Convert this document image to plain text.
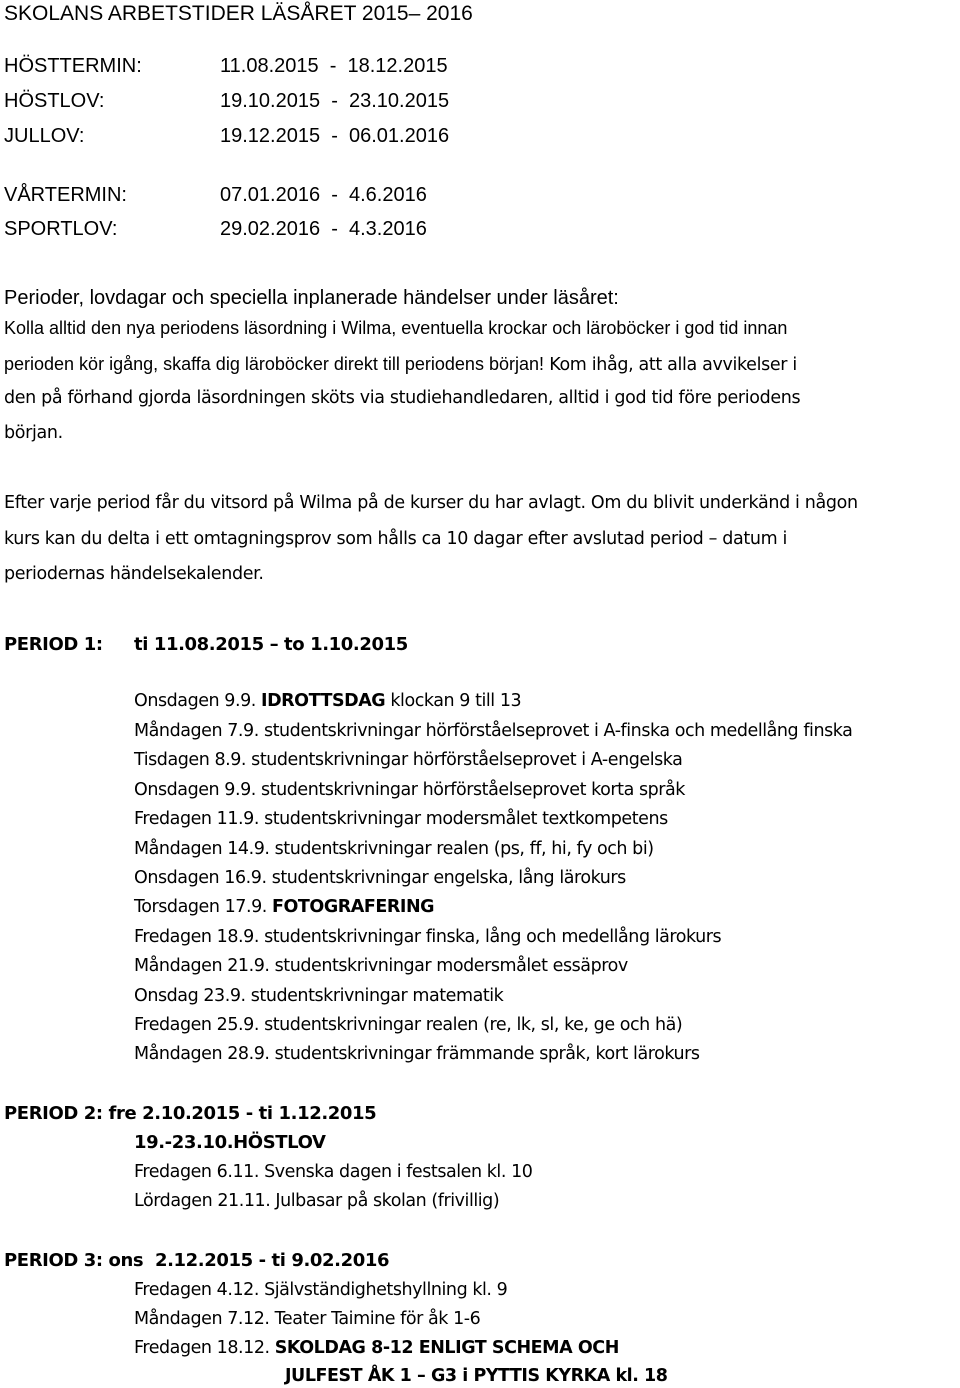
SKOLANS ARBETSTIDER LÄSÅRET 2015– 2016
HÖSTTERMIN:	11.08.2015  -  18.12.2015
HÖSTLOV:	19.10.2015  -  23.10.2015
JULLOV:	19.12.2015  -  06.01.2016
VÅRTERMIN:	07.01.2016  -  4.6.2016
SPORTLOV:	29.02.2016  -  4.3.2016
Perioder, lovdagar och speciella inplanerade händelser under läsåret:
Kolla alltid den nya periodens läsordning i Wilma, eventuella krockar och läroböcker i god tid innan
perioden kör igång, skaffa dig läroböcker direkt till periodens början! Kom ihåg, att alla avvikelser i
den på förhand gjorda läsordningen sköts via studiehandledaren, alltid i god tid före periodens
början.
Efter varje period får du vitsord på Wilma på de kurser du har avlagt. Om du blivit underkänd i någon
kurs kan du delta i ett omtagningsprov som hålls ca 10 dagar efter avslutad period – datum i
periodernas händelsekalender.
PERIOD 1: ti 11.08.2015 – to 1.10.2015
Onsdagen 9.9. IDROTTSDAG klockan 9 till 13
Måndagen 7.9. studentskrivningar hörförståelseprovet i A-finska och medellång finska
Tisdagen 8.9. studentskrivningar hörförståelseprovet i A-engelska
Onsdagen 9.9. studentskrivningar hörförståelseprovet korta språk
Fredagen 11.9. studentskrivningar modersmålet textkompetens
Måndagen 14.9. studentskrivningar realen (ps, ff, hi, fy och bi)
Onsdagen 16.9. studentskrivningar engelska, lång lärokurs
Torsdagen 17.9. FOTOGRAFERING
Fredagen 18.9. studentskrivningar finska, lång och medellång lärokurs
Måndagen 21.9. studentskrivningar modersmålet essäprov
Onsdag 23.9. studentskrivningar matematik
Fredagen 25.9. studentskrivningar realen (re, lk, sl, ke, ge och hä)
Måndagen 28.9. studentskrivningar främmande språk, kort lärokurs
PERIOD 2: fre 2.10.2015 - ti 1.12.2015
19.-23.10.HÖSTLOV
Fredagen 6.11. Svenska dagen i festsalen kl. 10
Lördagen 21.11. Julbasar på skolan (frivillig)
PERIOD 3: ons  2.12.2015 - ti 9.02.2016
Fredagen 4.12. Självständighetshyllning kl. 9
Måndagen 7.12. Teater Taimine för åk 1-6
Fredagen 18.12. SKOLDAG 8-12 ENLIGT SCHEMA OCH
JULFEST ÅK 1 – G3 i PYTTIS KYRKA kl. 18
